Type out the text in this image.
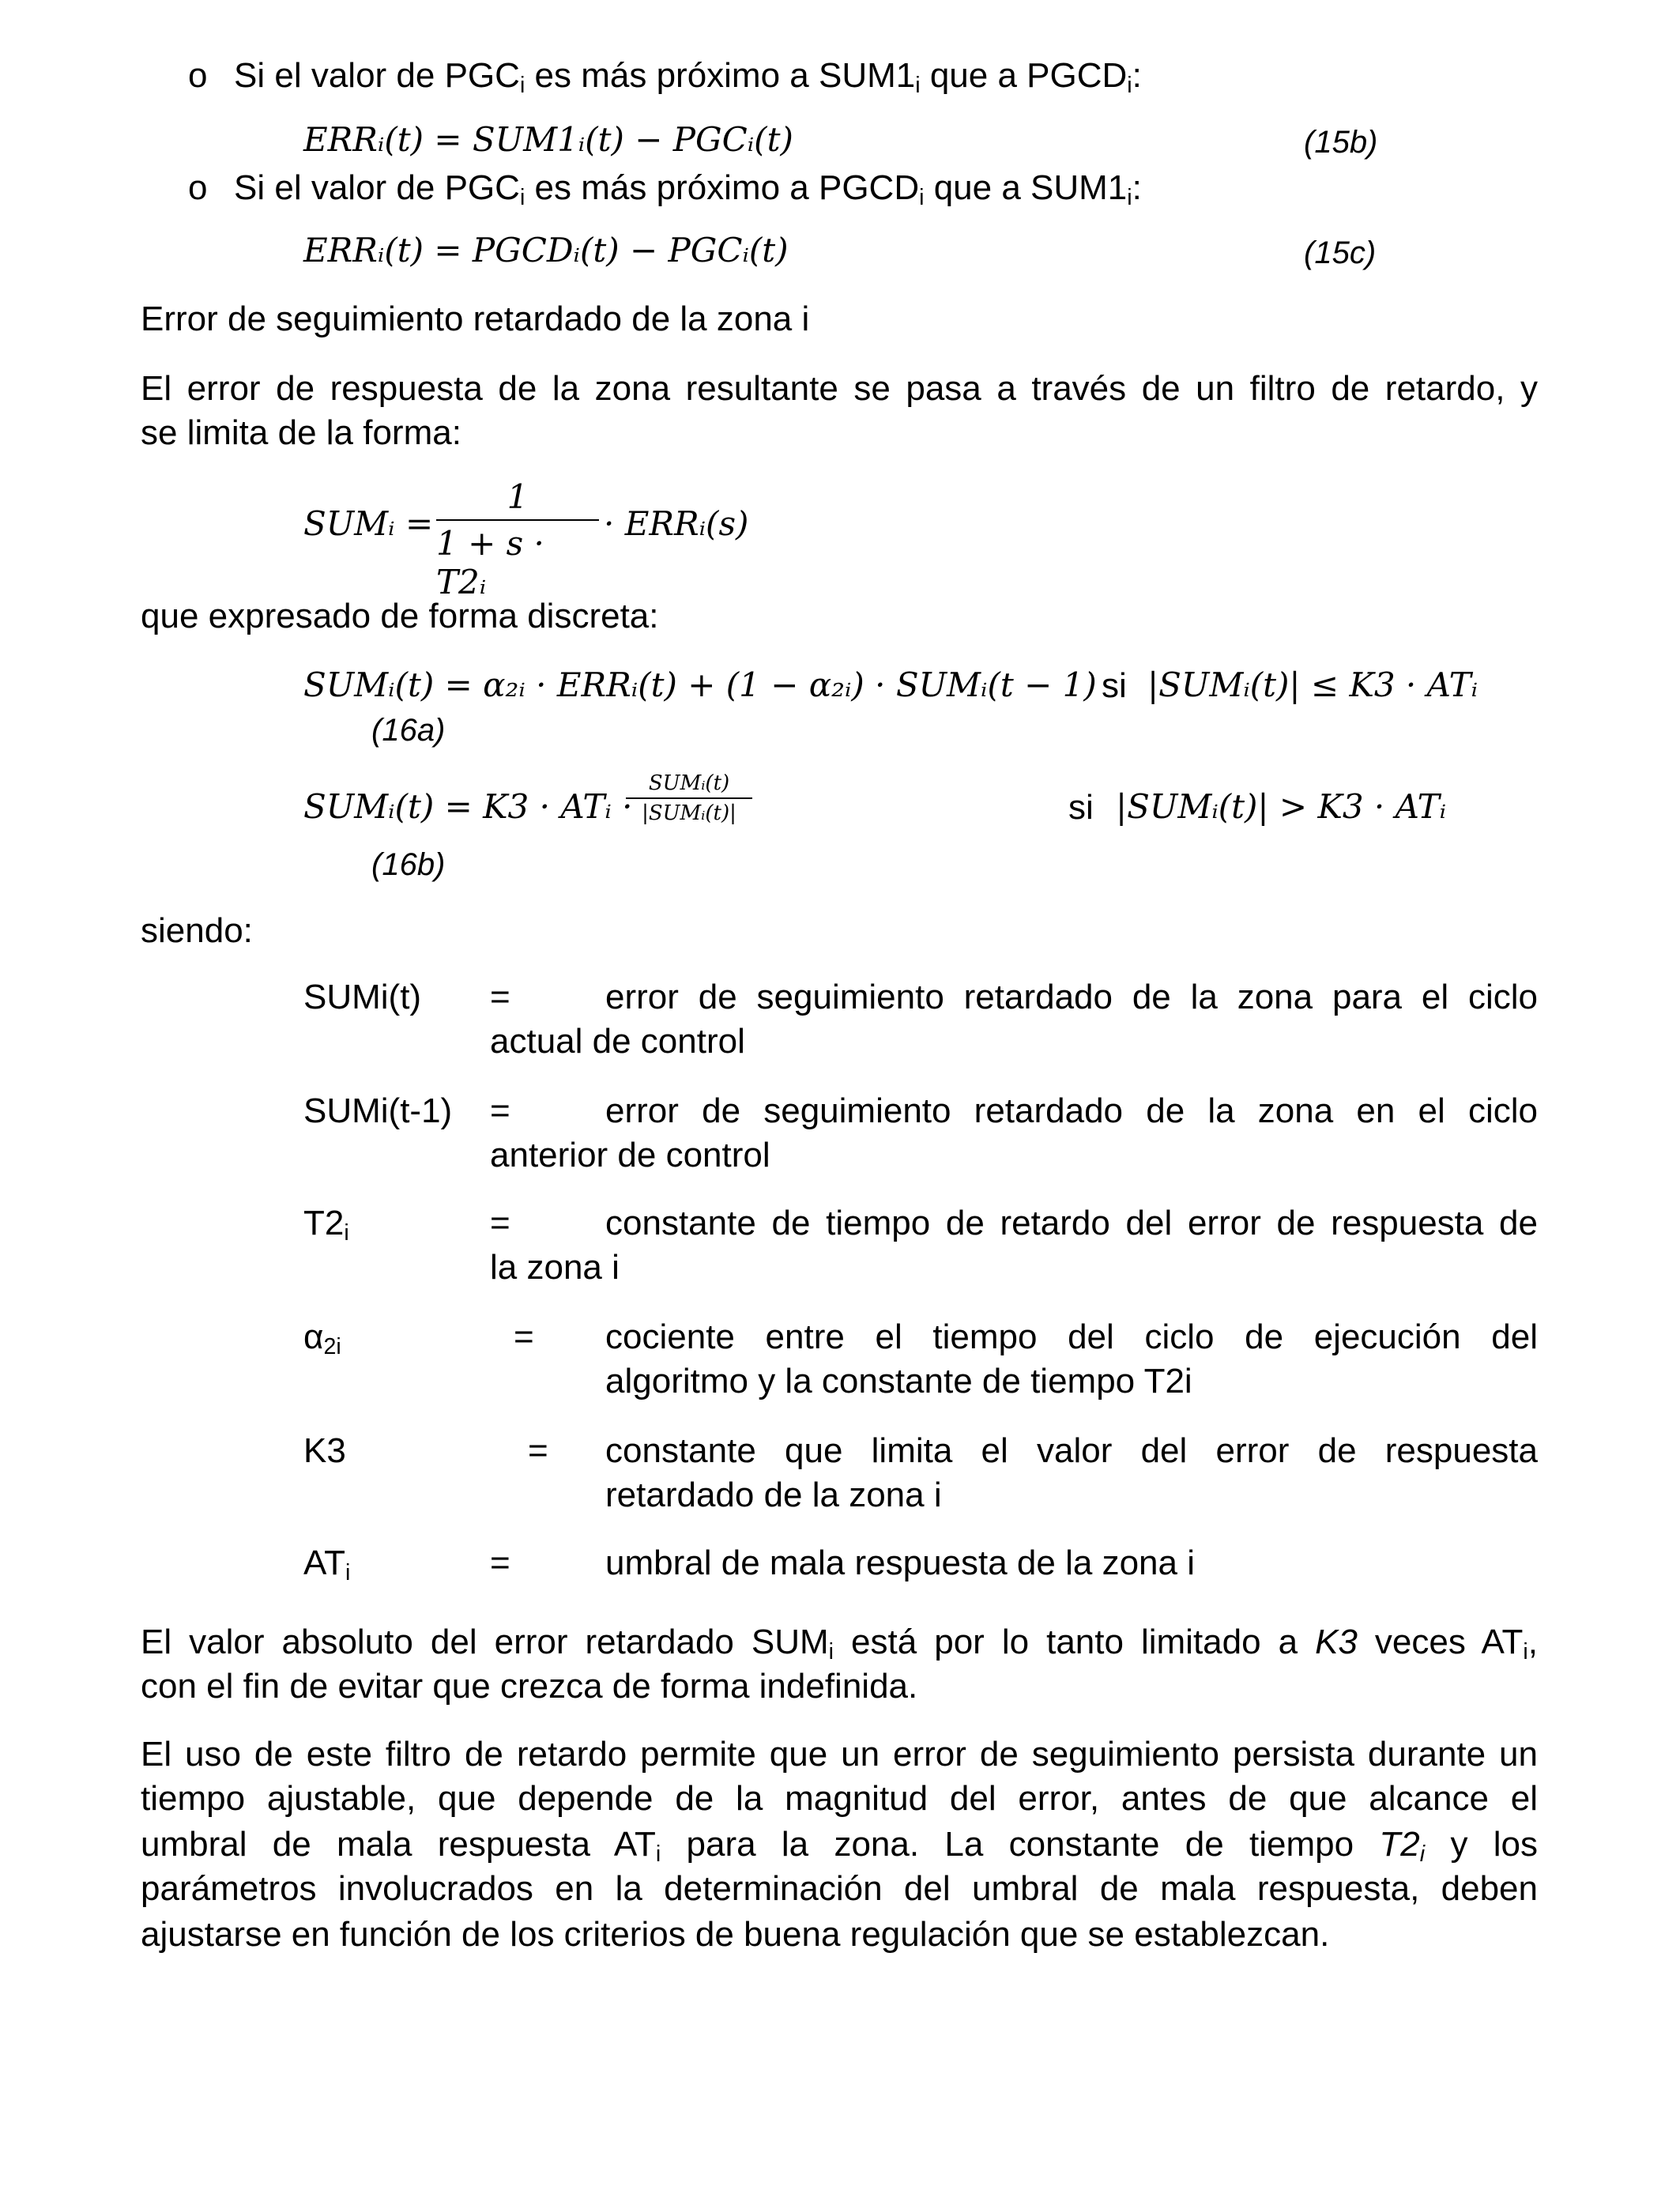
o Si el valor de $PGC_i$ es más próximo a $SUM1_i$ que a $PGCD_i$:
ERRᵢ(t) = SUM1ᵢ(t) − PGCᵢ(t)	(15b)
o Si el valor de $PGC_i$ es más próximo a $PGCD_i$ que a $SUM1_i$:
ERRᵢ(t) = PGCDᵢ(t) − PGCᵢ(t)	(15c)
Error de seguimiento retardado de la zona i
El error de respuesta de la zona resultante se pasa a través de un filtro de retardo, y
se limita de la forma:
SUMᵢ =
1
1 + s · T2ᵢ
· ERRᵢ(s)
que expresado de forma discreta:
SUMᵢ(t) = α₂ᵢ · ERRᵢ(t) + (1 − α₂ᵢ) · SUMᵢ(t − 1) si |SUMᵢ(t)| ≤ K3 · ATᵢ
(16a)
SUMᵢ(t) = K3 · ATᵢ ·
SUMᵢ(t)
|SUMᵢ(t)|	si |SUMᵢ(t)| > K3 · ATᵢ
(16b)
siendo:
SUMi(t) =	error de seguimiento retardado de la zona para el ciclo
actual de control
SUMi(t-1) =	error de seguimiento retardado de la zona en el ciclo
anterior de control
$T2_i$	=	constante de tiempo de retardo del error de respuesta de
la zona i
$\alpha_{2i}$	= cociente entre el tiempo del ciclo de ejecución del
algoritmo y la constante de tiempo T2i
K3	= constante que limita el valor del error de respuesta
retardado de la zona i
$AT_i$	=	umbral de mala respuesta de la zona i
El valor absoluto del error retardado $SUM_i$ está por lo tanto limitado a K3 veces $AT_i$,
con el fin de evitar que crezca de forma indefinida.
El uso de este filtro de retardo permite que un error de seguimiento persista durante un
tiempo ajustable, que depende de la magnitud del error, antes de que alcance el
umbral de mala respuesta $AT_i$ para la zona. La constante de tiempo $T2_i$ y los
parámetros involucrados en la determinación del umbral de mala respuesta, deben
ajustarse en función de los criterios de buena regulación que se establezcan.
